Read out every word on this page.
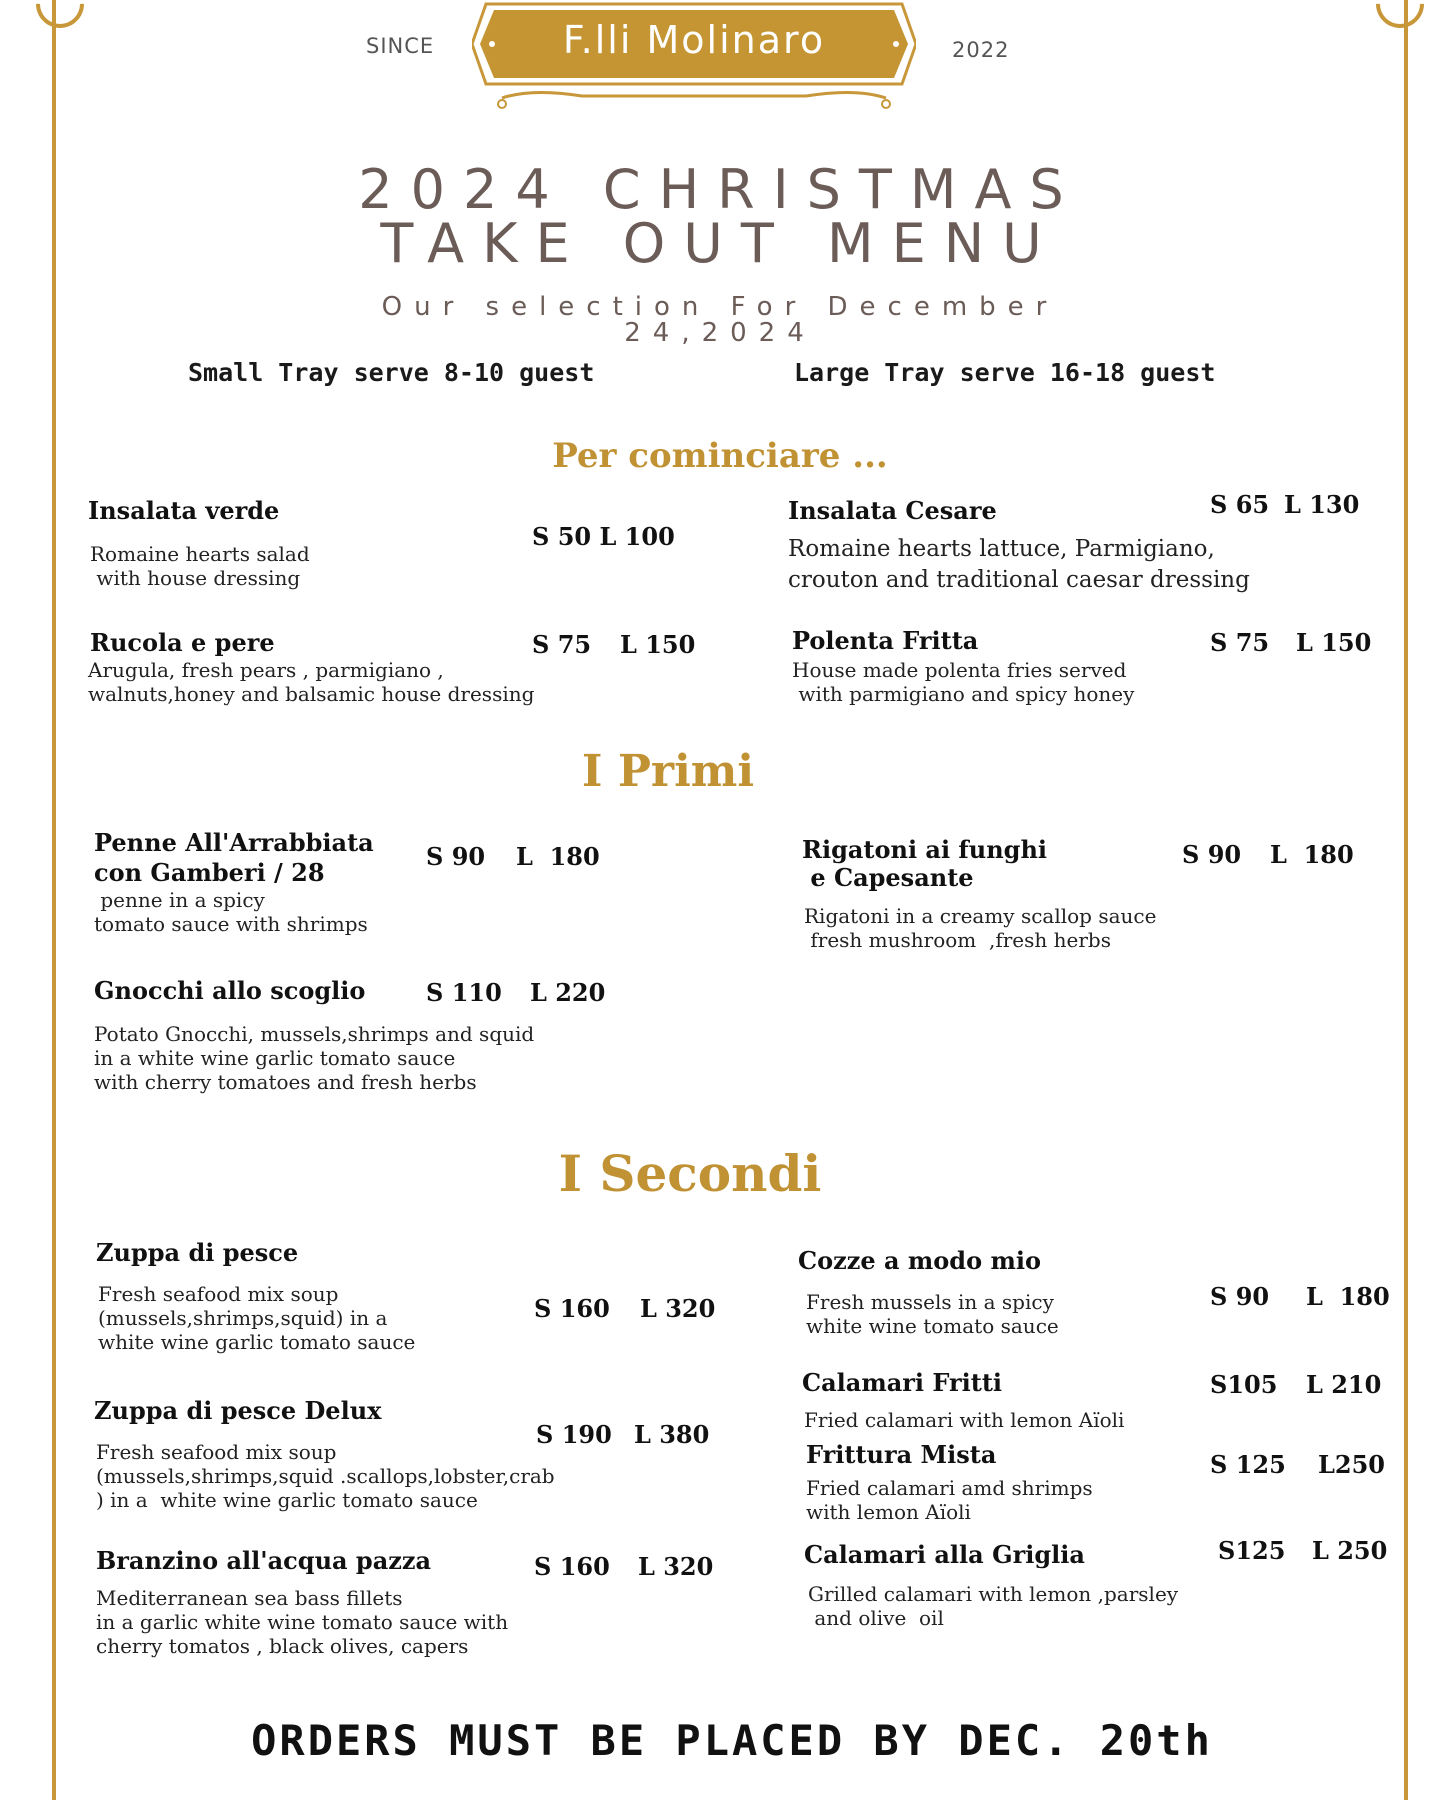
SINCE	2022
F.lli Molinaro
2024 CHRISTMAS
TAKE OUT MENU
Our selection For December
24,2024
Small Tray serve 8-10 guest	Large Tray serve 16-18 guest
Per cominciare ...
Insalata verde
Romaine hearts salad
with house dressing
S 50 L 100
Insalata Cesare	S 65 L 130
Romaine hearts lattuce, Parmigiano,
crouton and traditional caesar dressing
Rucola e pere	S 75 L 150
Arugula, fresh pears , parmigiano ,
walnuts,honey and balsamic house dressing
Polenta Fritta	S 75 L 150
House made polenta fries served
with parmigiano and spicy honey
I Primi
Penne All'Arrabbiata
con Gamberi / 28
S 90 L  180
penne in a spicy
tomato sauce with shrimps
Rigatoni ai funghi
e Capesante
S 90 L  180
Rigatoni in a creamy scallop sauce
fresh mushroom  ,fresh herbs
Gnocchi allo scoglio	S 110 L 220
Potato Gnocchi, mussels,shrimps and squid
in a white wine garlic tomato sauce
with cherry tomatoes and fresh herbs
I Secondi
Zuppa di pesce
Fresh seafood mix soup
(mussels,shrimps,squid) in a
white wine garlic tomato sauce
S 160 L 320
Cozze a modo mio
Fresh mussels in a spicy
white wine tomato sauce
S 90 L  180
Calamari Fritti	S105 L 210
Fried calamari with lemon Aïoli
Zuppa di pesce Delux
Fresh seafood mix soup
(mussels,shrimps,squid .scallops,lobster,crab
) in a  white wine garlic tomato sauce
S 190 L 380
Frittura Mista
Fried calamari amd shrimps
with lemon Aïoli
S 125 L250
Branzino all'acqua pazza
Mediterranean sea bass fillets
in a garlic white wine tomato sauce with
cherry tomatos , black olives, capers
S 160 L 320	Calamari alla Griglia
Grilled calamari with lemon ,parsley
and olive  oil
S125 L 250
ORDERS MUST BE PLACED BY DEC. 20th
